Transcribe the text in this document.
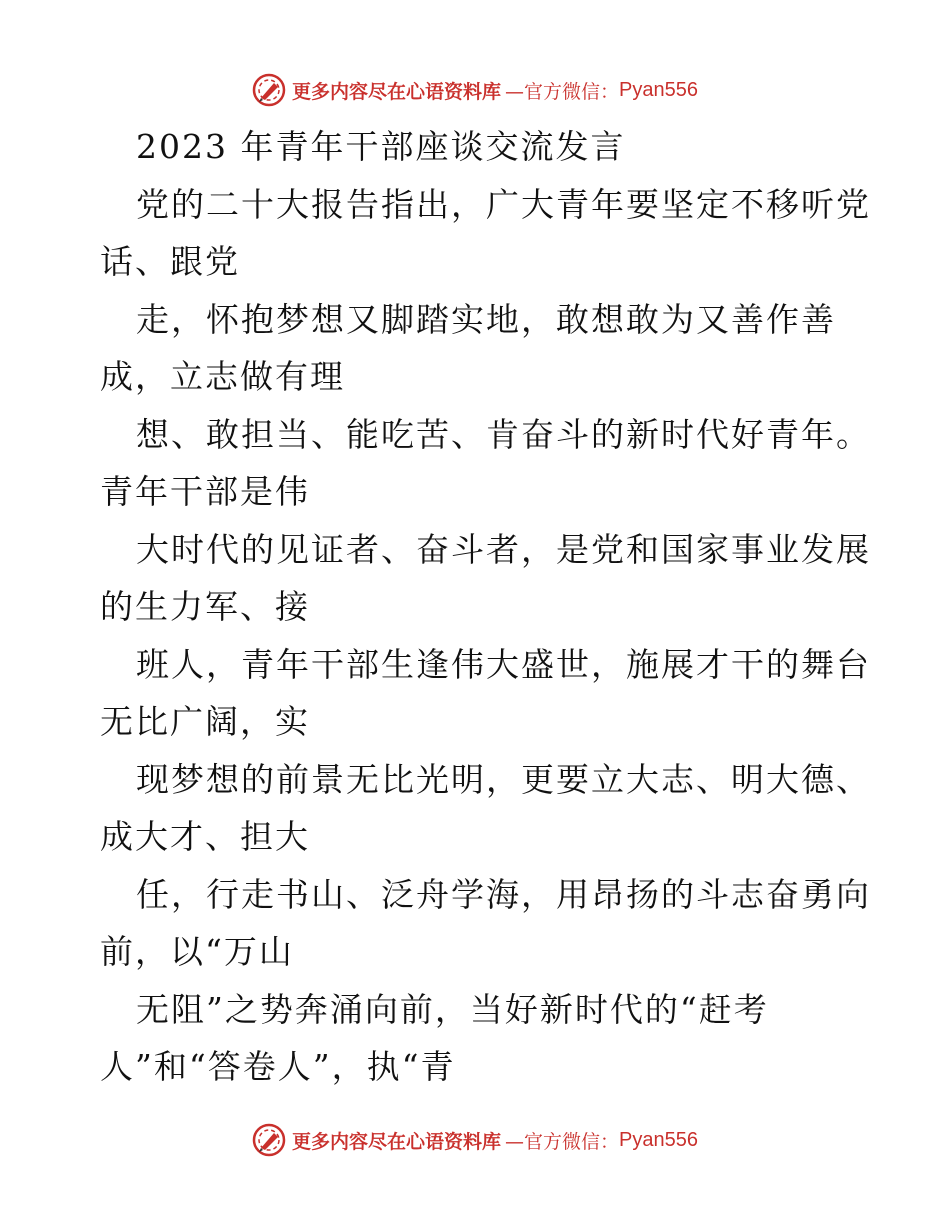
更多内容尽在心语资料库 —官方微信： Pyan556
2023 年青年干部座谈交流发言
党的二十大报告指出，广大青年要坚定不移听党
话、跟党
走，怀抱梦想又脚踏实地，敢想敢为又善作善
成，立志做有理
想、敢担当、能吃苦、肯奋斗的新时代好青年。
青年干部是伟
大时代的见证者、奋斗者，是党和国家事业发展
的生力军、接
班人，青年干部生逢伟大盛世，施展才干的舞台
无比广阔，实
现梦想的前景无比光明，更要立大志、明大德、
成大才、担大
任，行走书山、泛舟学海，用昂扬的斗志奋勇向
前，以“万山
无阻”之势奔涌向前，当好新时代的“赶考
人”和“答卷人”，执“青
更多内容尽在心语资料库 —官方微信： Pyan556
